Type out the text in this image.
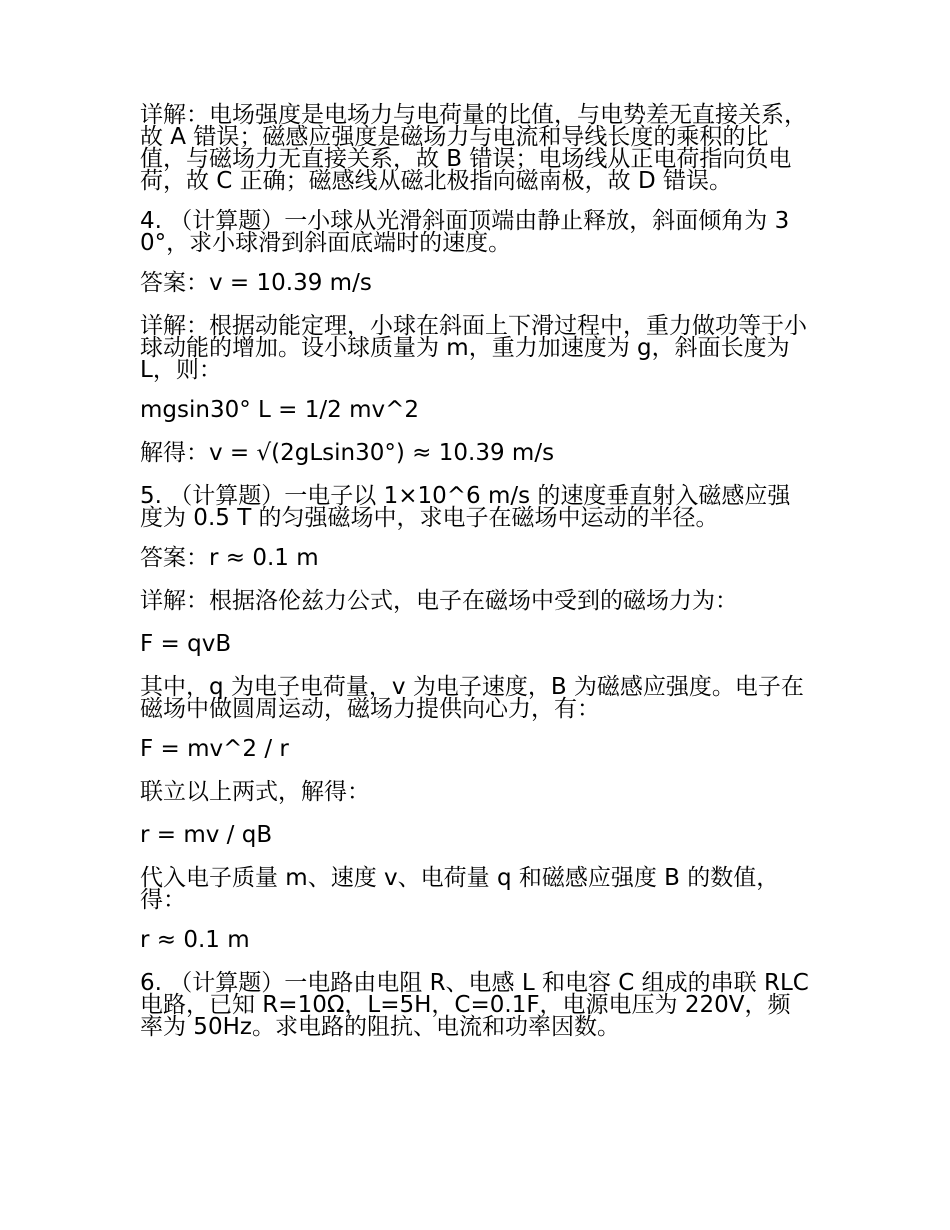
详解：电场强度是电场力与电荷量的比值，与电势差无直接关系，故 A 错误；磁感应强度是磁场力与电流和导线长度的乘积的比值，与磁场力无直接关系，故 B 错误；电场线从正电荷指向负电荷，故 C 正确；磁感线从磁北极指向磁南极，故 D 错误。

4. （计算题）一小球从光滑斜面顶端由静止释放，斜面倾角为 30°，求小球滑到斜面底端时的速度。

答案：v = 10.39 m/s

详解：根据动能定理，小球在斜面上下滑过程中，重力做功等于小球动能的增加。设小球质量为 m，重力加速度为 g，斜面长度为 L，则：

mgsin30° L = 1/2 mv^2

解得：v = √(2gLsin30°) ≈ 10.39 m/s

5. （计算题）一电子以 1×10^6 m/s 的速度垂直射入磁感应强度为 0.5 T 的匀强磁场中，求电子在磁场中运动的半径。

答案：r ≈ 0.1 m

详解：根据洛伦兹力公式，电子在磁场中受到的磁场力为：

F = qvB

其中，q 为电子电荷量，v 为电子速度，B 为磁感应强度。电子在磁场中做圆周运动，磁场力提供向心力，有：

F = mv^2 / r

联立以上两式，解得：

r = mv / qB

代入电子质量 m、速度 v、电荷量 q 和磁感应强度 B 的数值，得：

r ≈ 0.1 m

6. （计算题）一电路由电阻 R、电感 L 和电容 C 组成的串联 RLC 电路，已知 R=10Ω，L=5H，C=0.1F，电源电压为 220V，频率为 50Hz。求电路的阻抗、电流和功率因数。
